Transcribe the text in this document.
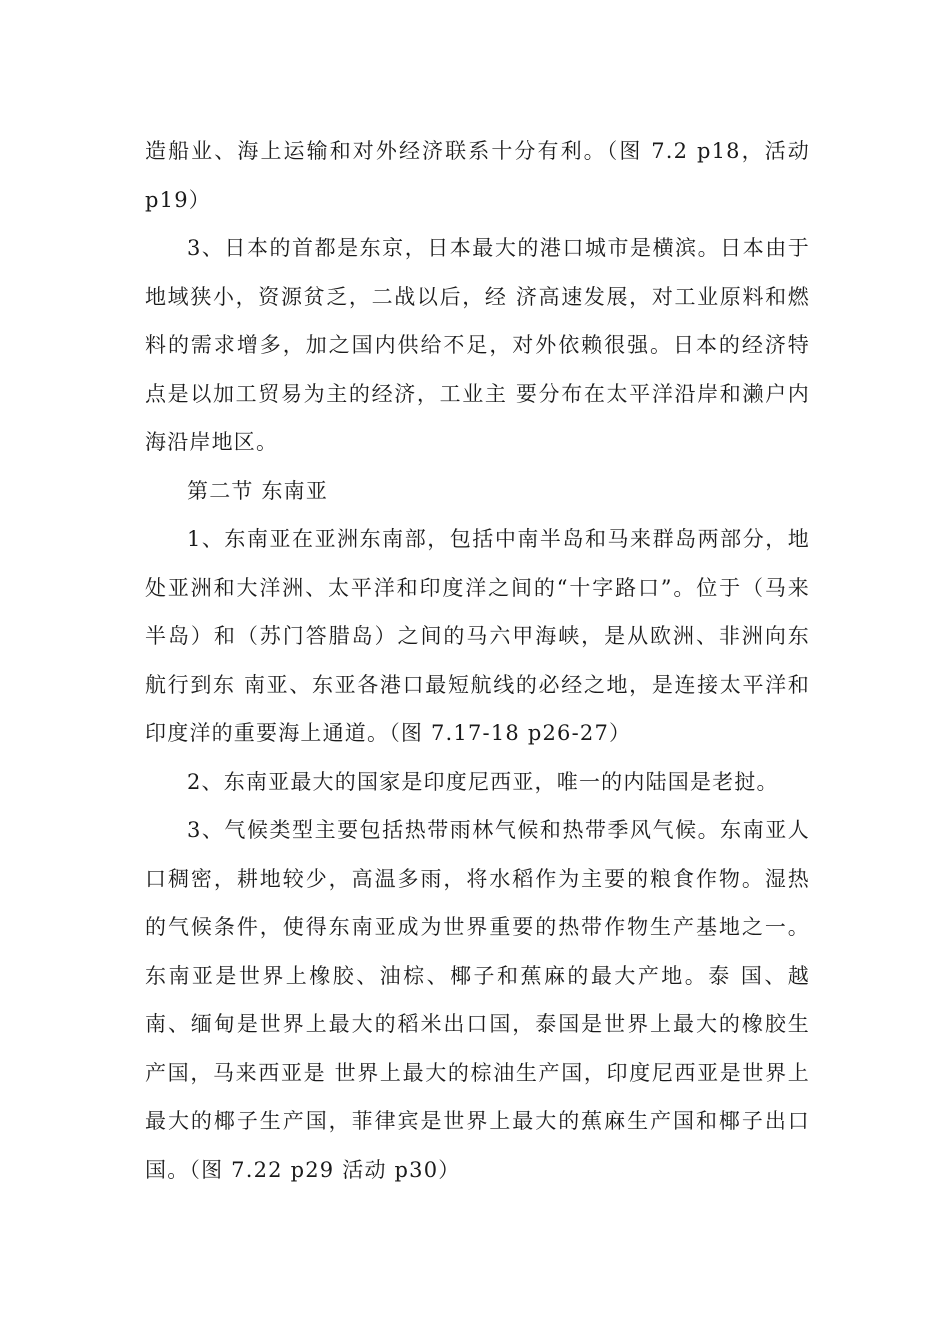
造船业、海上运输和对外经济联系十分有利。（图 7.2 p18，活动 p19）

3、日本的首都是东京，日本最大的港口城市是横滨。日本由于地域狭小，资源贫乏，二战以后，经 济高速发展，对工业原料和燃料的需求增多，加之国内供给不足，对外依赖很强。日本的经济特点是以加工贸易为主的经济，工业主 要分布在太平洋沿岸和濑户内海沿岸地区。

第二节 东南亚

1、东南亚在亚洲东南部，包括中南半岛和马来群岛两部分，地处亚洲和大洋洲、太平洋和印度洋之间的“十字路口”。位于（马来半岛）和（苏门答腊岛）之间的马六甲海峡，是从欧洲、非洲向东航行到东 南亚、东亚各港口最短航线的必经之地，是连接太平洋和印度洋的重要海上通道。（图 7.17-18 p26-27）

2、东南亚最大的国家是印度尼西亚，唯一的内陆国是老挝。

3、气候类型主要包括热带雨林气候和热带季风气候。东南亚人口稠密，耕地较少，高温多雨，将水稻作为主要的粮食作物。湿热的气候条件，使得东南亚成为世界重要的热带作物生产基地之一。东南亚是世界上橡胶、油棕、椰子和蕉麻的最大产地。泰 国、越南、缅甸是世界上最大的稻米出口国，泰国是世界上最大的橡胶生产国，马来西亚是 世界上最大的棕油生产国，印度尼西亚是世界上最大的椰子生产国，菲律宾是世界上最大的蕉麻生产国和椰子出口国。（图 7.22 p29 活动 p30）
